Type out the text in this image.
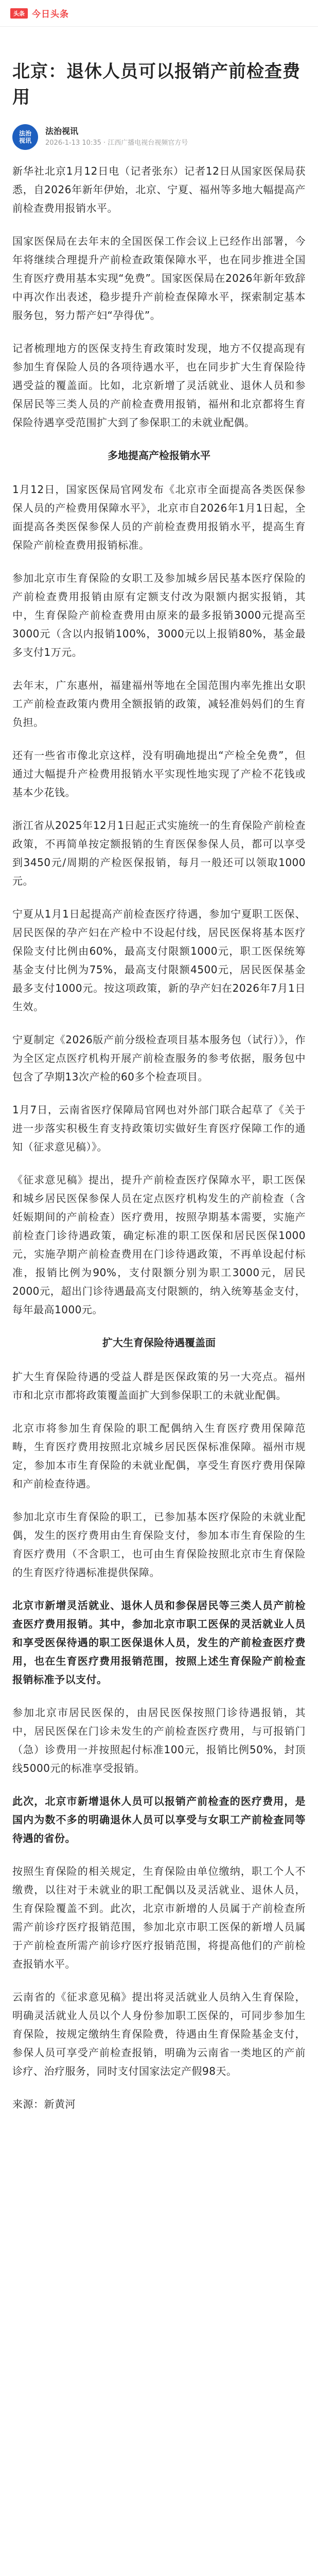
头条 今日头条
北京：退休人员可以报销产前检查费用
法治
视讯
法治视讯
2026-1-13 10:35 · 江西广播电视台视频官方号

新华社北京1月12日电（记者张东）记者12日从国家医保局获悉，自2026年新年伊始，北京、宁夏、福州等多地大幅提高产前检查费用报销水平。

国家医保局在去年末的全国医保工作会议上已经作出部署，今年将继续合理提升产前检查政策保障水平，也在同步推进全国生育医疗费用基本实现“免费”。国家医保局在2026年新年致辞中再次作出表述，稳步提升产前检查保障水平，探索制定基本服务包，努力帮产妇“孕得优”。

记者梳理地方的医保支持生育政策时发现，地方不仅提高现有参加生育保险人员的各项待遇水平，也在同步扩大生育保险待遇受益的覆盖面。比如，北京新增了灵活就业、退休人员和参保居民等三类人员的产前检查费用报销，福州和北京都将生育保险待遇享受范围扩大到了参保职工的未就业配偶。

多地提高产检报销水平

1月12日，国家医保局官网发布《北京市全面提高各类医保参保人员的产检费用保障水平》，北京市自2026年1月1日起，全面提高各类医保参保人员的产前检查费用报销水平，提高生育保险产前检查费用报销标准。

参加北京市生育保险的女职工及参加城乡居民基本医疗保险的产前检查费用报销由原有定额支付改为限额内据实报销，其中，生育保险产前检查费用由原来的最多报销3000元提高至3000元（含以内报销100%，3000元以上报销80%，基金最多支付1万元。

去年末，广东惠州，福建福州等地在全国范围内率先推出女职工产前检查政策内费用全额报销的政策，减轻准妈妈们的生育负担。

还有一些省市像北京这样，没有明确地提出“产检全免费”，但通过大幅提升产检费用报销水平实现性地实现了产检不花钱或基本少花钱。

浙江省从2025年12月1日起正式实施统一的生育保险产前检查政策，不再简单按定额报销的生育医保参保人员，都可以享受到3450元/周期的产检医保报销，每月一般还可以领取1000元。

宁夏从1月1日起提高产前检查医疗待遇，参加宁夏职工医保、居民医保的孕产妇在产检中不设起付线，居民医保将基本医疗保险支付比例由60%，最高支付限额1000元，职工医保统筹基金支付比例为75%，最高支付限额4500元，居民医保基金最多支付1000元。按这项政策，新的孕产妇在2026年7月1日生效。

宁夏制定《2026版产前分级检查项目基本服务包（试行）》，作为全区定点医疗机构开展产前检查服务的参考依据，服务包中包含了孕期13次产检的60多个检查项目。

1月7日，云南省医疗保障局官网也对外部门联合起草了《关于进一步落实积极生育支持政策切实做好生育医疗保障工作的通知（征求意见稿）》。

《征求意见稿》提出，提升产前检查医疗保障水平，职工医保和城乡居民医保参保人员在定点医疗机构发生的产前检查（含妊娠期间的产前检查）医疗费用，按照孕期基本需要，实施产前检查门诊待遇政策，确定标准的职工医保和居民医保1000元，实施孕期产前检查费用在门诊待遇政策，不再单设起付标准，报销比例为90%，支付限额分别为职工3000元，居民2000元，超出门诊待遇最高支付限额的，纳入统筹基金支付，每年最高1000元。

扩大生育保险待遇覆盖面

扩大生育保险待遇的受益人群是医保政策的另一大亮点。福州市和北京市都将政策覆盖面扩大到参保职工的未就业配偶。

北京市将参加生育保险的职工配偶纳入生育医疗费用保障范畴，生育医疗费用按照北京城乡居民医保标准保障。福州市规定，参加本市生育保险的未就业配偶，享受生育医疗费用保障和产前检查待遇。

参加北京市生育保险的职工，已参加基本医疗保险的未就业配偶，发生的医疗费用由生育保险支付，参加本市生育保险的生育医疗费用（不含职工，也可由生育保险按照北京市生育保险的生育医疗待遇标准提供保障。

北京市新增灵活就业、退休人员和参保居民等三类人员产前检查医疗费用报销。其中，参加北京市职工医保的灵活就业人员和享受医保待遇的职工医保退休人员，发生的产前检查医疗费用，也在生育医疗费用报销范围，按照上述生育保险产前检查报销标准予以支付。

参加北京市居民医保的，由居民医保按照门诊待遇报销，其中，居民医保在门诊未发生的产前检查医疗费用，与可报销门（急）诊费用一并按照起付标准100元，报销比例50%，封顶线5000元的标准享受报销。

此次，北京市新增退休人员可以报销产前检查的医疗费用，是国内为数不多的明确退休人员可以享受与女职工产前检查同等待遇的省份。

按照生育保险的相关规定，生育保险由单位缴纳，职工个人不缴费，以往对于未就业的职工配偶以及灵活就业、退休人员，生育保险覆盖不到。此次，北京市新增的人员属于产前检查所需产前诊疗医疗报销范围，参加北京市职工医保的新增人员属于产前检查所需产前诊疗医疗报销范围，将提高他们的产前检查报销水平。

云南省的《征求意见稿》提出将灵活就业人员纳入生育保险，明确灵活就业人员以个人身份参加职工医保的，可同步参加生育保险，按规定缴纳生育保险费，待遇由生育保险基金支付，参保人员可享受产前检查报销，明确为云南省一类地区的产前诊疗、治疗服务，同时支付国家法定产假98天。

来源：新黄河
